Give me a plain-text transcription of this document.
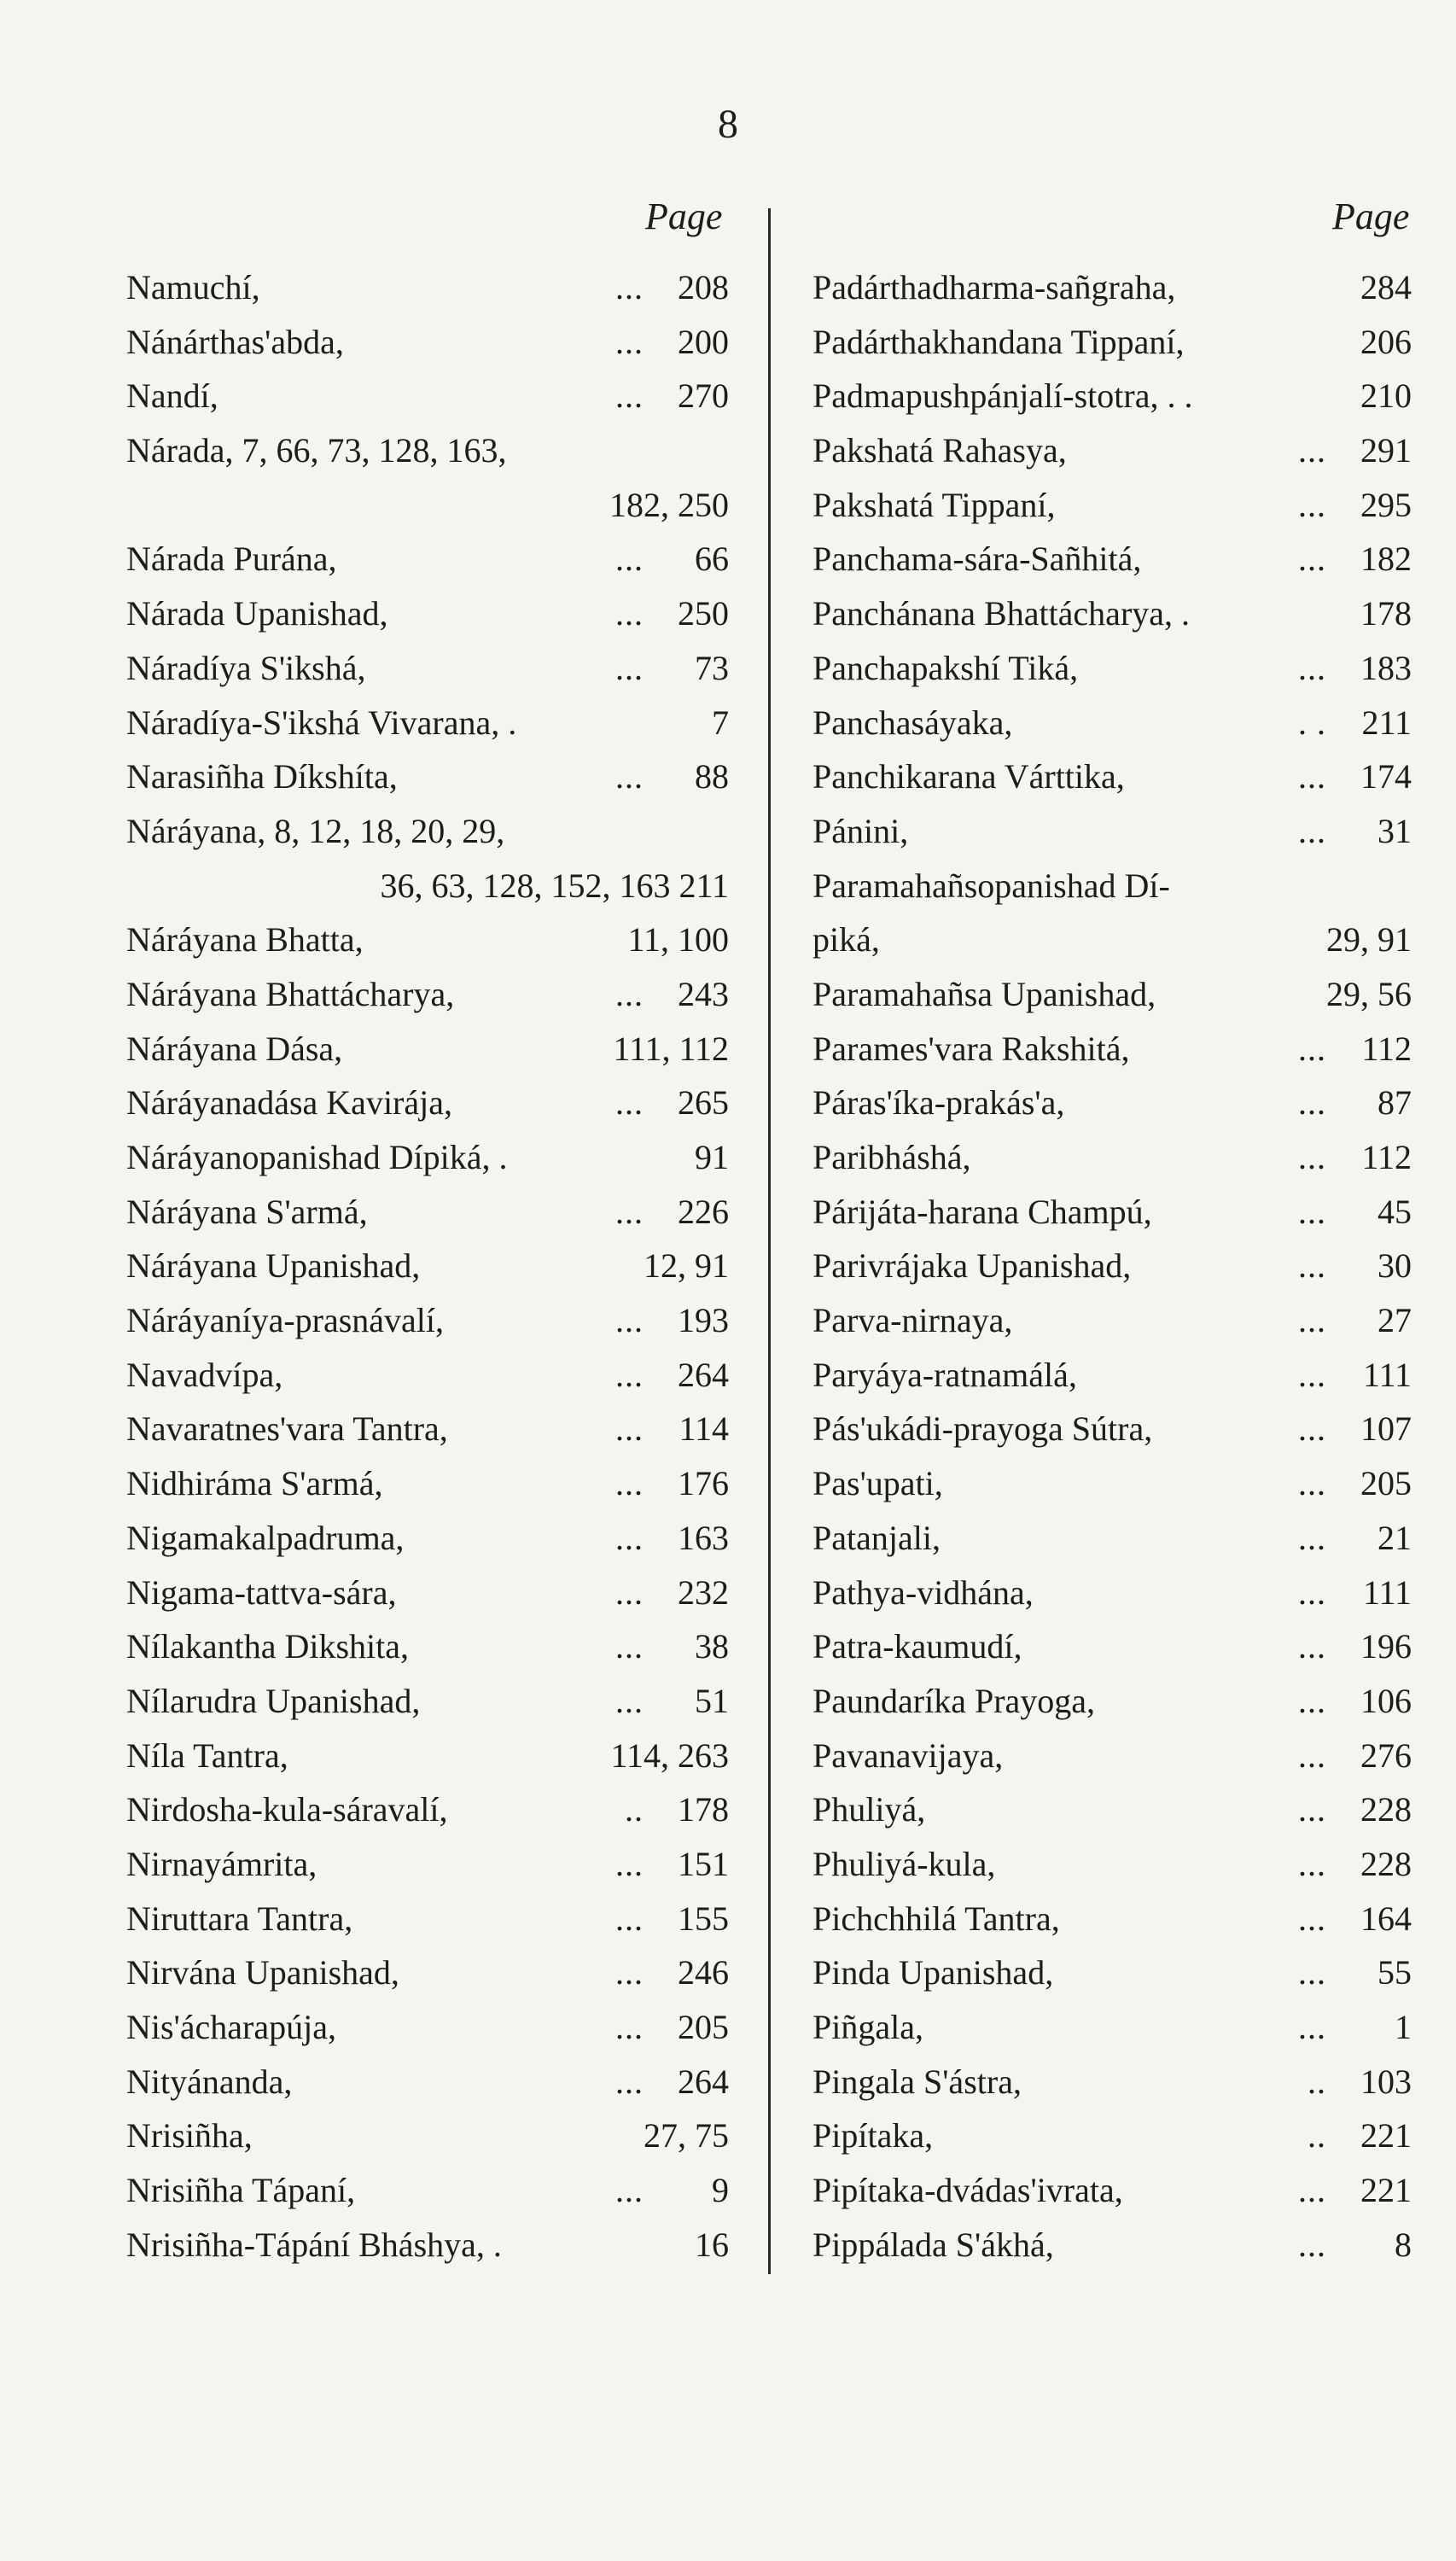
8
Page	Page
Namuchí,	... 208
Nánárthas'abda,	... 200
Nandí,	... 270
Nárada, 7, 66, 73, 128, 163,
182, 250
Nárada Purána,	... 66
Nárada Upanishad,	... 250
Náradíya S'ikshá,	... 73
Náradíya-S'ikshá Vivarana, .	7
Narasiñha Díkshíta,	... 88
Náráyana, 8, 12, 18, 20, 29,
36, 63, 128, 152, 163 211
Náráyana Bhatta,	11, 100
Náráyana Bhattácharya,	... 243
Náráyana Dása,	111, 112
Náráyanadása Kavirája,	... 265
Náráyanopanishad Dípiká, .	91
Náráyana S'armá,	... 226
Náráyana Upanishad,	12, 91
Náráyaníya-prasnávalí,	... 193
Navadvípa,	... 264
Navaratnes'vara Tantra,	... 114
Nidhiráma S'armá,	... 176
Nigamakalpadruma,	... 163
Nigama-tattva-sára,	... 232
Nílakantha Dikshita,	... 38
Nílarudra Upanishad,	... 51
Níla Tantra,	114, 263
Nirdosha-kula-sáravalí,	.. 178
Nirnayámrita,	... 151
Niruttara Tantra,	... 155
Nirvána Upanishad,	... 246
Nis'ácharapúja,	... 205
Nityánanda,	... 264
Nrisiñha,	27, 75
Nrisiñha Tápaní,	... 9
Nrisiñha-Tápání Bháshya, .	16
Padárthadharma-sañgraha,	284
Padárthakhandana Tippaní,	206
Padmapushpánjalí-stotra, . .	210
Pakshatá Rahasya,	... 291
Pakshatá Tippaní,	... 295
Panchama-sára-Sañhitá,	... 182
Panchánana Bhattácharya, .	178
Panchapakshí Tiká,	... 183
Panchasáyaka,	. . 211
Panchikarana Várttika,	... 174
Pánini,	... 31
Paramahañsopanishad Dí-
piká,	29, 91
Paramahañsa Upanishad,	29, 56
Parames'vara Rakshitá,	... 112
Páras'íka-prakás'a,	... 87
Paribháshá,	... 112
Párijáta-harana Champú,	... 45
Parivrájaka Upanishad,	... 30
Parva-nirnaya,	... 27
Paryáya-ratnamálá,	... 111
Pás'ukádi-prayoga Sútra,	... 107
Pas'upati,	... 205
Patanjali,	... 21
Pathya-vidhána,	... 111
Patra-kaumudí,	... 196
Paundaríka Prayoga,	... 106
Pavanavijaya,	... 276
Phuliyá,	... 228
Phuliyá-kula,	... 228
Pichchhilá Tantra,	... 164
Pinda Upanishad,	... 55
Piñgala,	... 1
Pingala S'ástra,	.. 103
Pipítaka,	.. 221
Pipítaka-dvádas'ivrata,	... 221
Pippálada S'ákhá,	... 8
